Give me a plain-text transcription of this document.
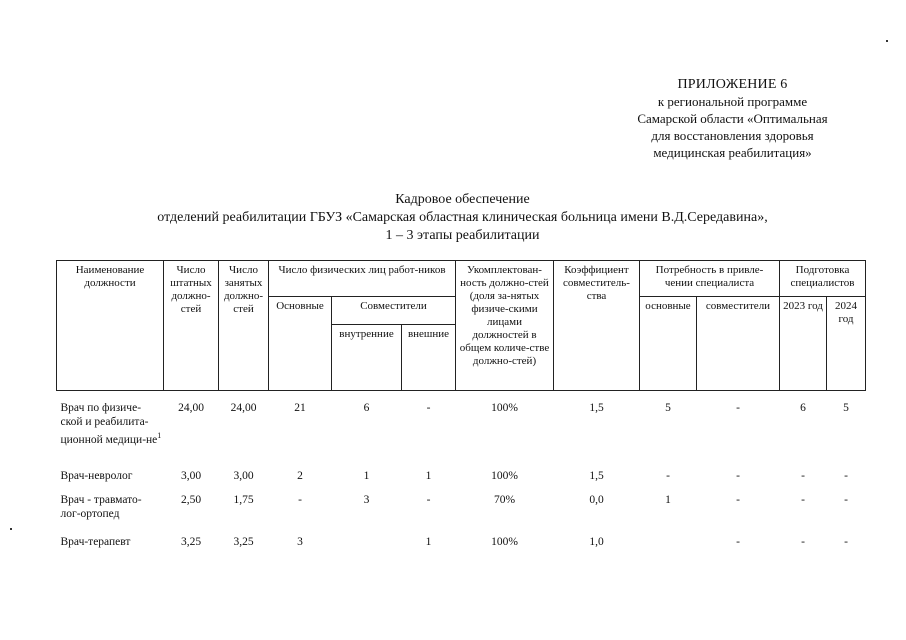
ПРИЛОЖЕНИЕ 6
к региональной программе
Самарской области «Оптимальная
для восстановления здоровья
медицинская реабилитация»
Кадровое обеспечение
отделений реабилитации ГБУЗ «Самарская областная клиническая больница имени В.Д.Середавина»,
1 – 3 этапы реабилитации
Наименование должности	Число штатных должно-стей	Число занятых должно-стей	Число физических лиц работ-ников			Укомплектован-ность должно-стей (доля за-нятых физиче-скими лицами должностей в общем количе-стве должно-стей)	Коэффициент совместитель-ства	Потребность в привле-чении специалиста		Подготовка специалистов	
			Основные	Совместители				основные	совместители	2023 год	2024 год
				внутренние	внешние						

Врач по физиче-ской и реабилита-ционной медици-$не^1$	24,00	24,00	21	6	-	100%	1,5	5	-	6	5
Врач-невролог	3,00	3,00	2	1	1	100%	1,5	-	-	-	-
Врач - травмато-лог-ортопед	2,50	1,75	-	3	-	70%	0,0	1	-	-	-
Врач-терапевт	3,25	3,25	3		1	100%	1,0		-	-	-
